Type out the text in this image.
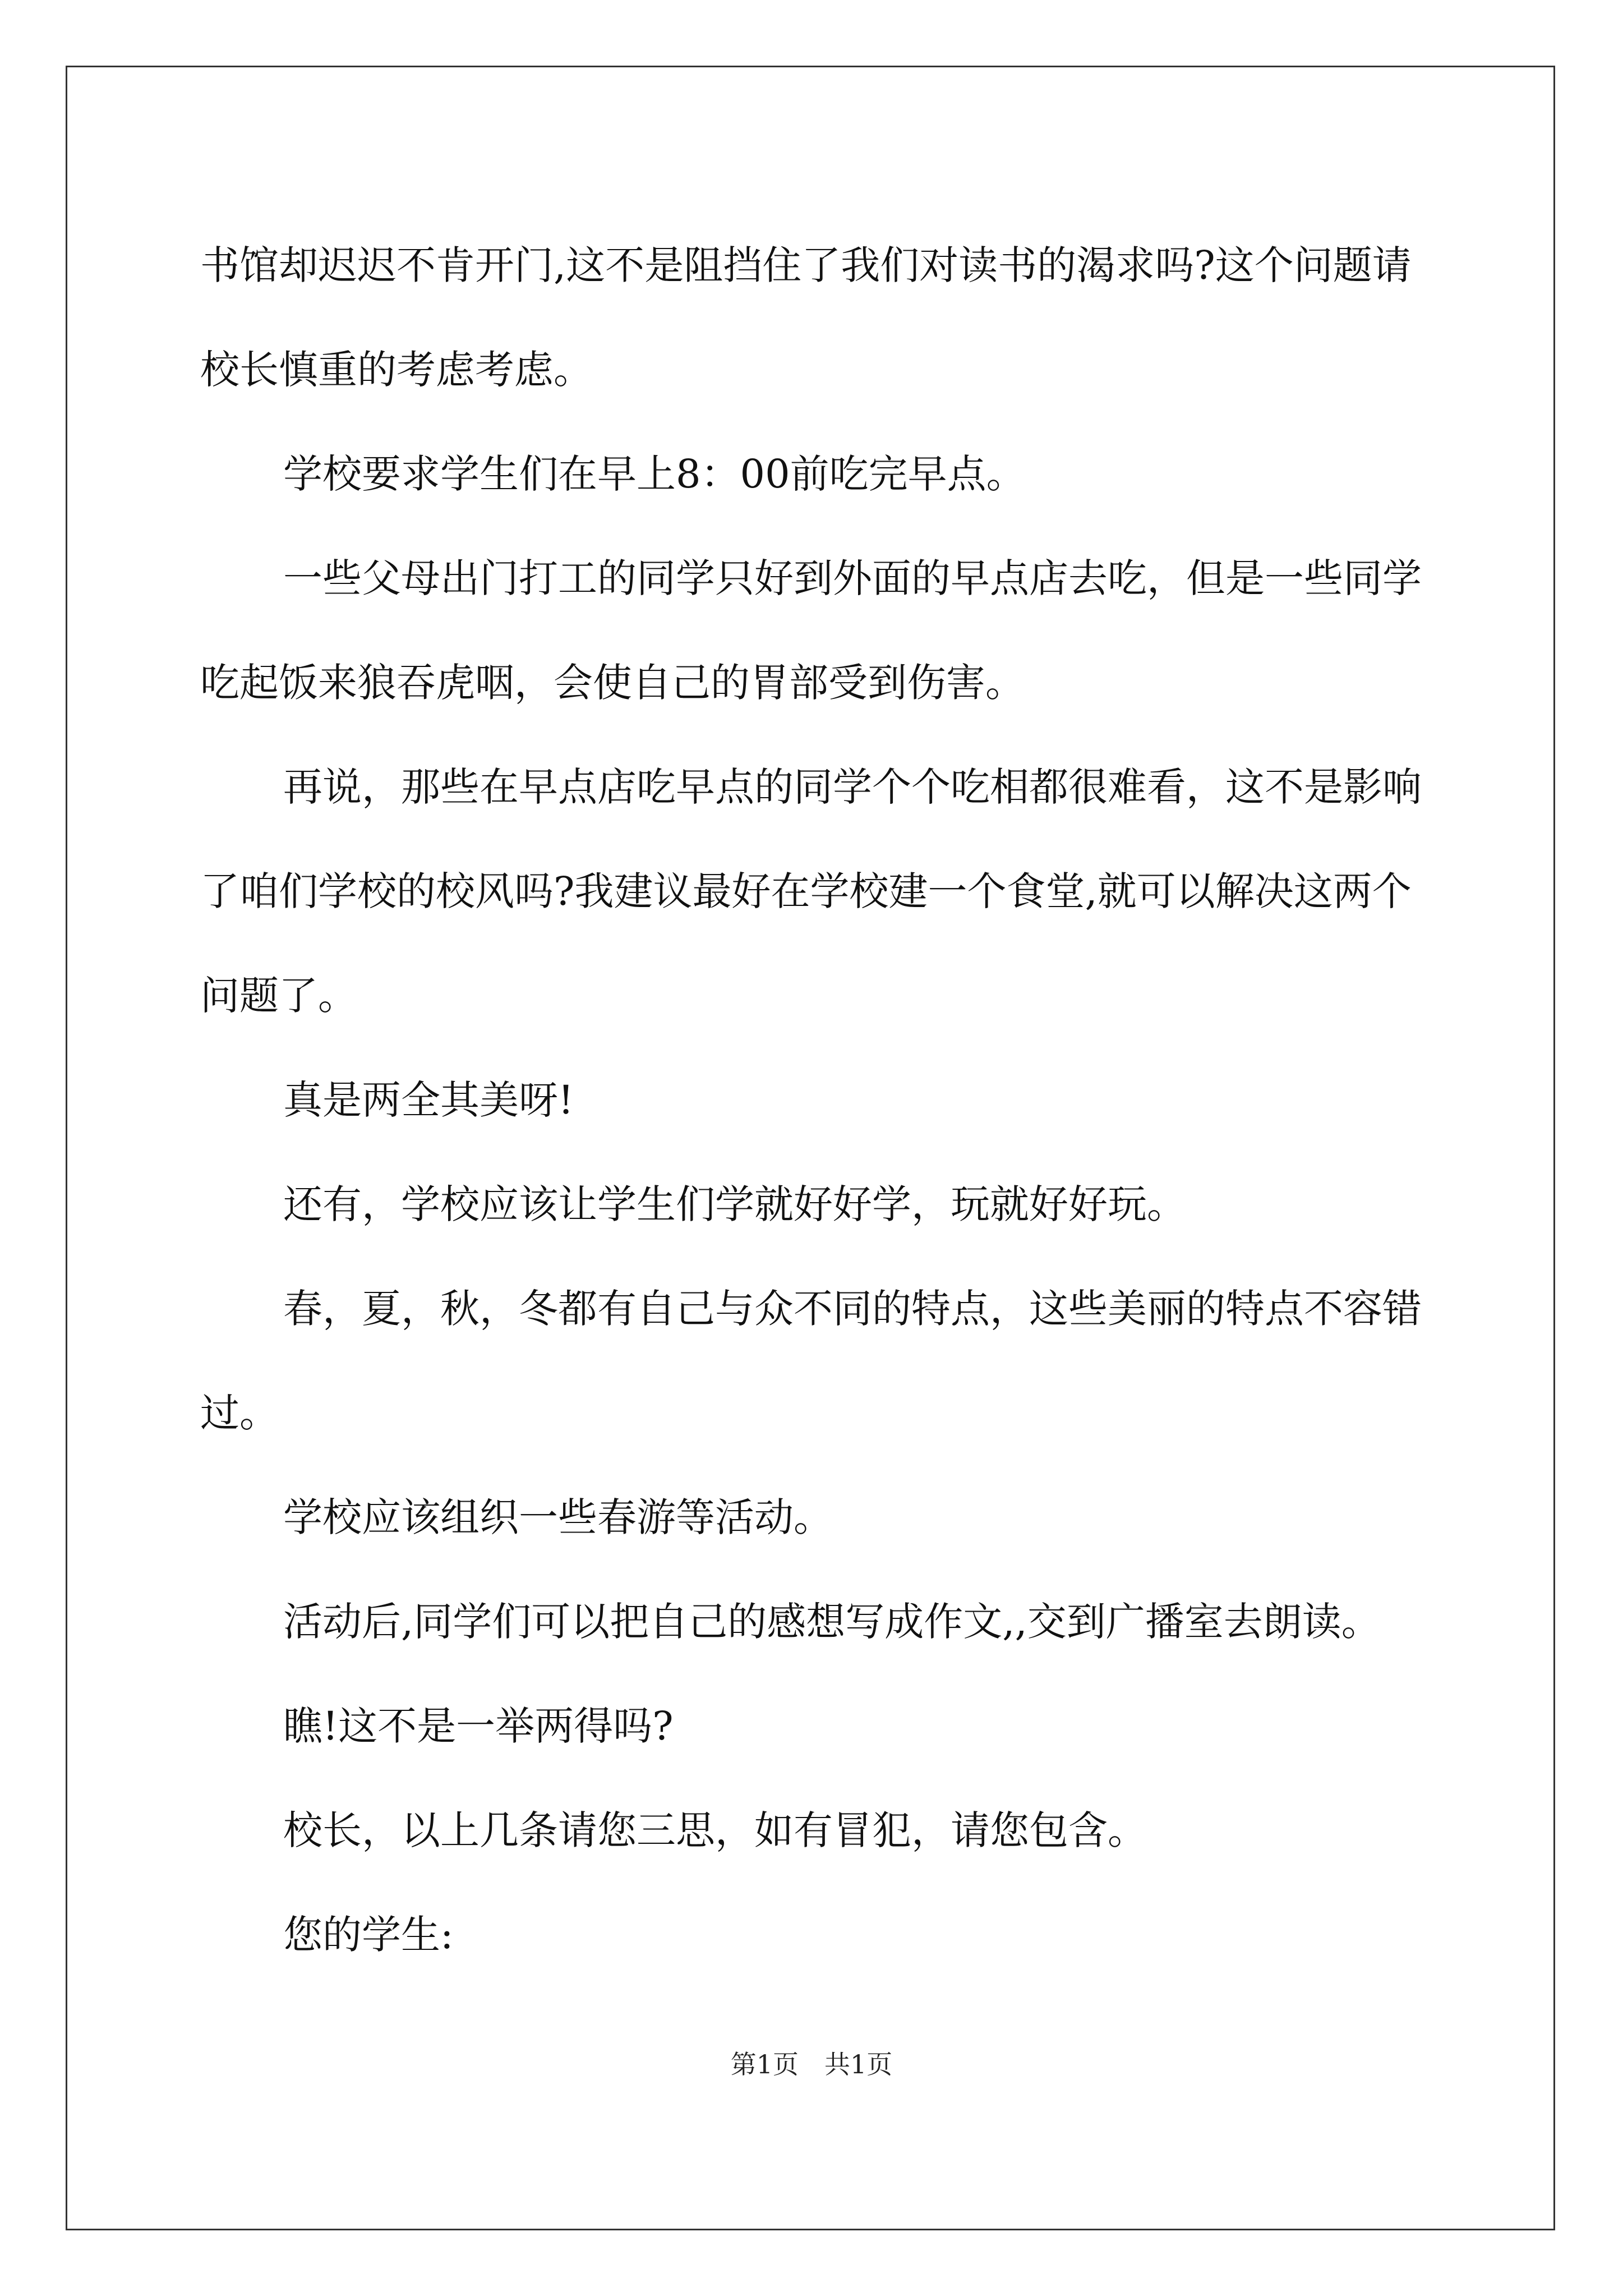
书馆却迟迟不肯开门,这不是阻挡住了我们对读书的渴求吗?这个问题请校长慎重的考虑考虑。

学校要求学生们在早上8：00前吃完早点。

一些父母出门打工的同学只好到外面的早点店去吃，但是一些同学吃起饭来狼吞虎咽，会使自己的胃部受到伤害。

再说，那些在早点店吃早点的同学个个吃相都很难看，这不是影响了咱们学校的校风吗?我建议最好在学校建一个食堂,就可以解决这两个问题了。

真是两全其美呀!

还有，学校应该让学生们学就好好学，玩就好好玩。

春，夏，秋，冬都有自己与众不同的特点，这些美丽的特点不容错过。

学校应该组织一些春游等活动。

活动后,同学们可以把自己的感想写成作文,,交到广播室去朗读。

瞧!这不是一举两得吗?

校长，以上几条请您三思，如有冒犯，请您包含。

您的学生:

第1页　共1页
